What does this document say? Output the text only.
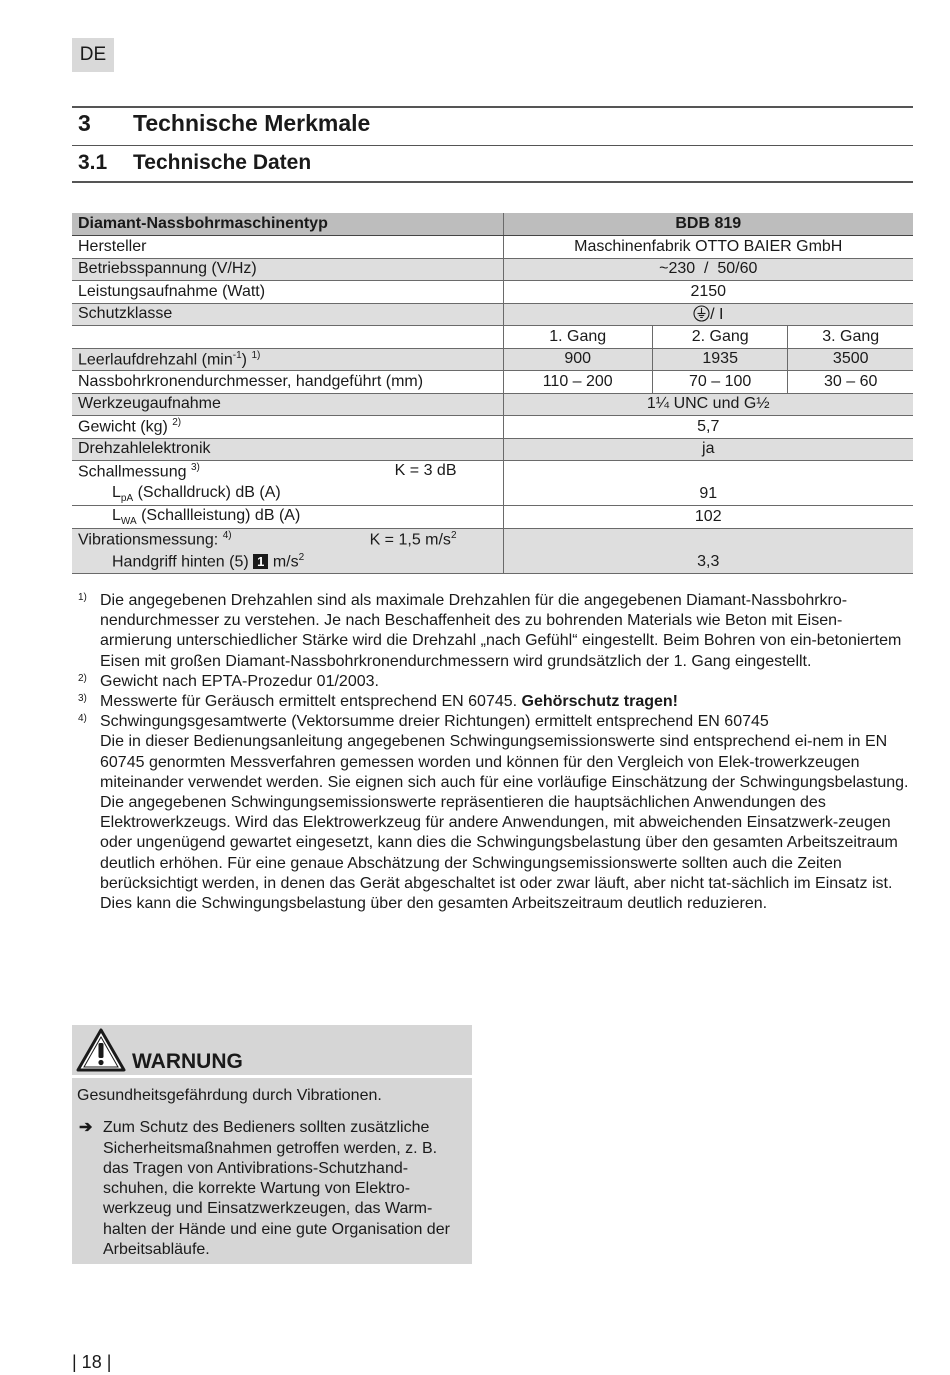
DE
3 Technische Merkmale
3.1 Technische Daten
Diamant-Nassbohrmaschinentyp	BDB 819		
Hersteller	Maschinenfabrik OTTO BAIER GmbH		
Betriebsspannung (V/Hz)	~230  /  50/60		
Leistungsaufnahme (Watt)	2150		
Schutzklasse	/ I		
	1. Gang	2. Gang	3. Gang
Leerlaufdrehzahl $(\min^{-1})$ $^{1)}$	900	1935	3500
Nassbohrkronendurchmesser, handgeführt (mm)	110 – 200	70 – 100	30 – 60
Werkzeugaufnahme	1¼ UNC und G½		
Gewicht (kg) $^{2)}$	5,7		
Drehzahlelektronik	ja		
Schallmessung $^{3)}$ K = 3 dB			

$L_{pA}$ (Schalldruck) dB (A)	91		
$L_{WA}$ (Schallleistung) dB (A)	102		
Vibrationsmessung: $^{4)}$ K = 1,5 $m/s^2$

Handgriff hinten (5) 1 $m/s^2$	3,3		
1) Die angegebenen Drehzahlen sind als maximale Drehzahlen für die angegebenen Diamant-Nassbohrkro-nendurchmesser zu verstehen. Je nach Beschaffenheit des zu bohrenden Materials wie Beton mit Eisen-armierung unterschiedlicher Stärke wird die Drehzahl „nach Gefühl“ eingestellt. Beim Bohren von ein-betoniertem Eisen mit großen Diamant-Nassbohrkronendurchmessern wird grundsätzlich der 1. Gang eingestellt.
2) Gewicht nach EPTA-Prozedur 01/2003.
3) Messwerte für Geräusch ermittelt entsprechend EN 60745. Gehörschutz tragen!
4) Schwingungsgesamtwerte (Vektorsumme dreier Richtungen) ermittelt entsprechend EN 60745
Die in dieser Bedienungsanleitung angegebenen Schwingungsemissionswerte sind entsprechend ei-nem in EN 60745 genormten Messverfahren gemessen worden und können für den Vergleich von Elek-trowerkzeugen miteinander verwendet werden. Sie eignen sich auch für eine vorläufige Einschätzung der Schwingungsbelastung.
Die angegebenen Schwingungsemissionswerte repräsentieren die hauptsächlichen Anwendungen des Elektrowerkzeugs. Wird das Elektrowerkzeug für andere Anwendungen, mit abweichenden Einsatzwerk-zeugen oder ungenügend gewartet eingesetzt, kann dies die Schwingungsbelastung über den gesamten Arbeitszeitraum deutlich erhöhen. Für eine genaue Abschätzung der Schwingungsemissionswerte sollten auch die Zeiten berücksichtigt werden, in denen das Gerät abgeschaltet ist oder zwar läuft, aber nicht tat-sächlich im Einsatz ist. Dies kann die Schwingungsbelastung über den gesamten Arbeitszeitraum deutlich reduzieren.
WARNUNG
Gesundheitsgefährdung durch Vibrationen.
➔ Zum Schutz des Bedieners sollten zusätzliche Sicherheitsmaßnahmen getroffen werden, z. B. das Tragen von Antivibrations-Schutzhand-schuhen, die korrekte Wartung von Elektro-werkzeug und Einsatzwerkzeugen, das Warm-halten der Hände und eine gute Organisation der Arbeitsabläufe.
| 18 |
